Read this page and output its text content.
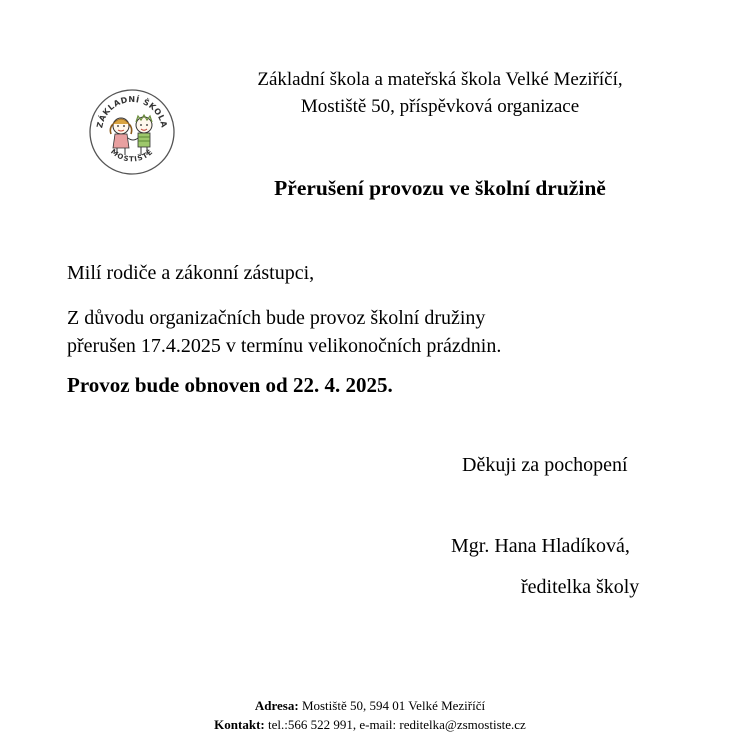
ZÁKLADNÍ ŠKOLA
MOSTIŠTĚ
Základní škola a mateřská škola Velké Meziříčí,
Mostiště 50, příspěvková organizace
Přerušení provozu ve školní družině
Milí rodiče a zákonní zástupci,
Z důvodu organizačních bude provoz školní družiny
přerušen 17.4.2025 v termínu velikonočních prázdnin.
Provoz bude obnoven od 22. 4. 2025.
Děkuji za pochopení
Mgr. Hana Hladíková,
ředitelka školy
Adresa: Mostiště 50, 594 01 Velké Meziříčí
Kontakt: tel.:566 522 991, e-mail: reditelka@zsmostiste.cz
